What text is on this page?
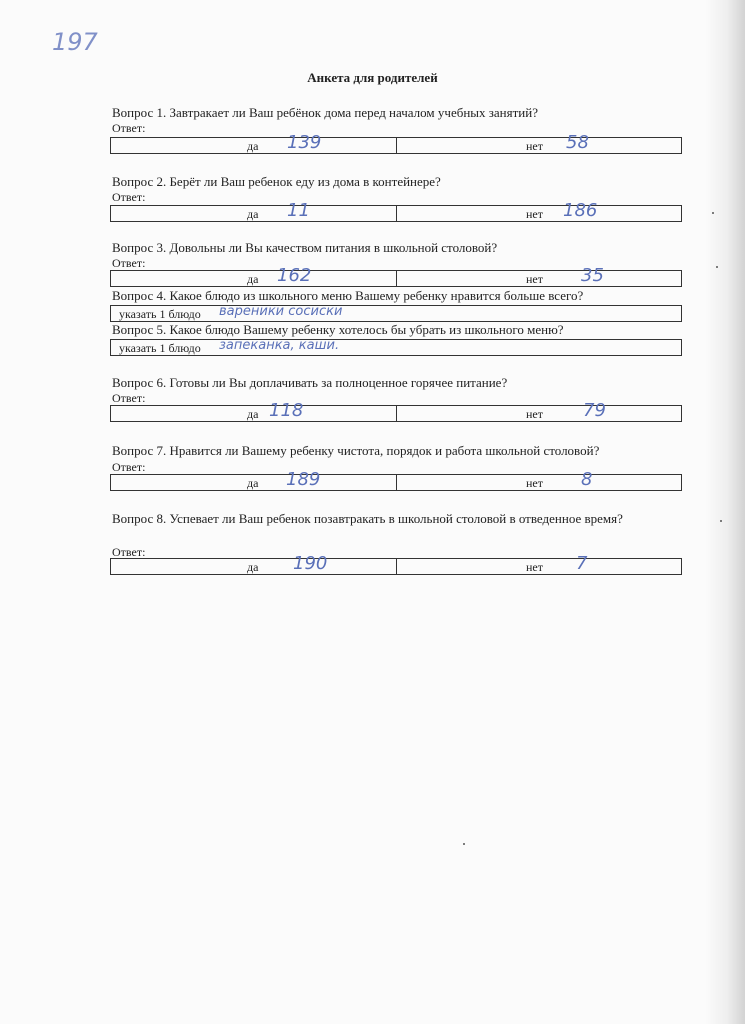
197
Анкета для родителей
Вопрос 1. Завтракает ли Ваш ребёнок дома перед началом учебных занятий?
Ответ:
да 139	нет 58
Вопрос 2. Берёт ли Ваш ребенок еду из дома в контейнере?
Ответ:
да 11	нет 186
Вопрос 3. Довольны ли Вы качеством питания в школьной столовой?
Ответ:
да 162	нет 35
Вопрос 4. Какое блюдо из школьного меню Вашему ребенку нравится больше всего?
указать 1 блюдо вареники сосиски
Вопрос 5. Какое блюдо Вашему ребенку хотелось бы убрать из школьного меню?
указать 1 блюдо запеканка, каши.
Вопрос 6. Готовы ли Вы доплачивать за полноценное горячее питание?
Ответ:
да 118	нет 79
Вопрос 7. Нравится ли Вашему ребенку чистота, порядок и работа школьной столовой?
Ответ:
да 189	нет 8
Вопрос 8. Успевает ли Ваш ребенок позавтракать в школьной столовой в отведенное время?
Ответ:
да 190	нет 7
